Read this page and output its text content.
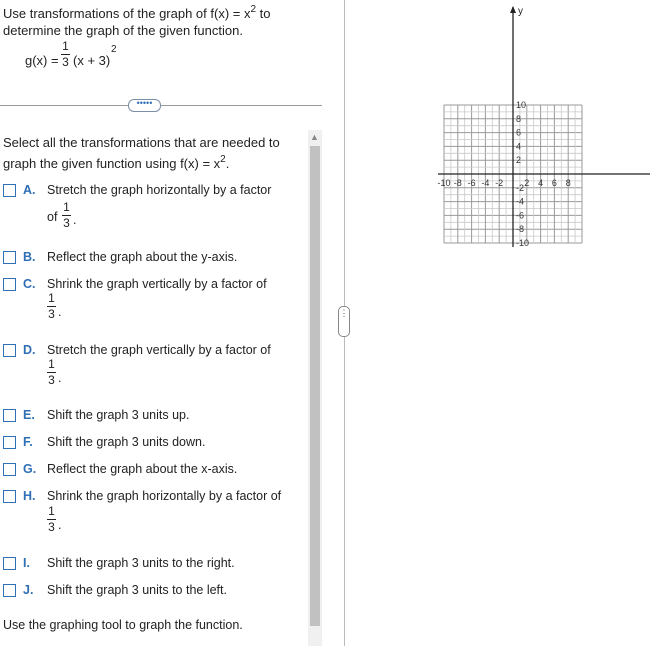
Use transformations of the graph of $f(x) = x^2$ to
determine the graph of the given function.
g(x) =
1
3 (x + 3)
2
•••••
Select all the transformations that are needed to
graph the given function using $f(x) = x^2$.
A. Stretch the graph horizontally by a factor
of
1
3 .
B. Reflect the graph about the y-axis.
C. Shrink the graph vertically by a factor of
1
3 .
D. Stretch the graph vertically by a factor of
1
3 .
E. Shift the graph 3 units up.
F. Shift the graph 3 units down.
G. Reflect the graph about the x-axis.
H. Shrink the graph horizontally by a factor of
1
3 .
I. Shift the graph 3 units to the right.
J. Shift the graph 3 units to the left.
Use the graphing tool to graph the function.
▲
⋮
-10 -8 -6 -4 -2 2 4 6 8
10
8
6
4
2
-2
-4
-6
-8
-10
y
